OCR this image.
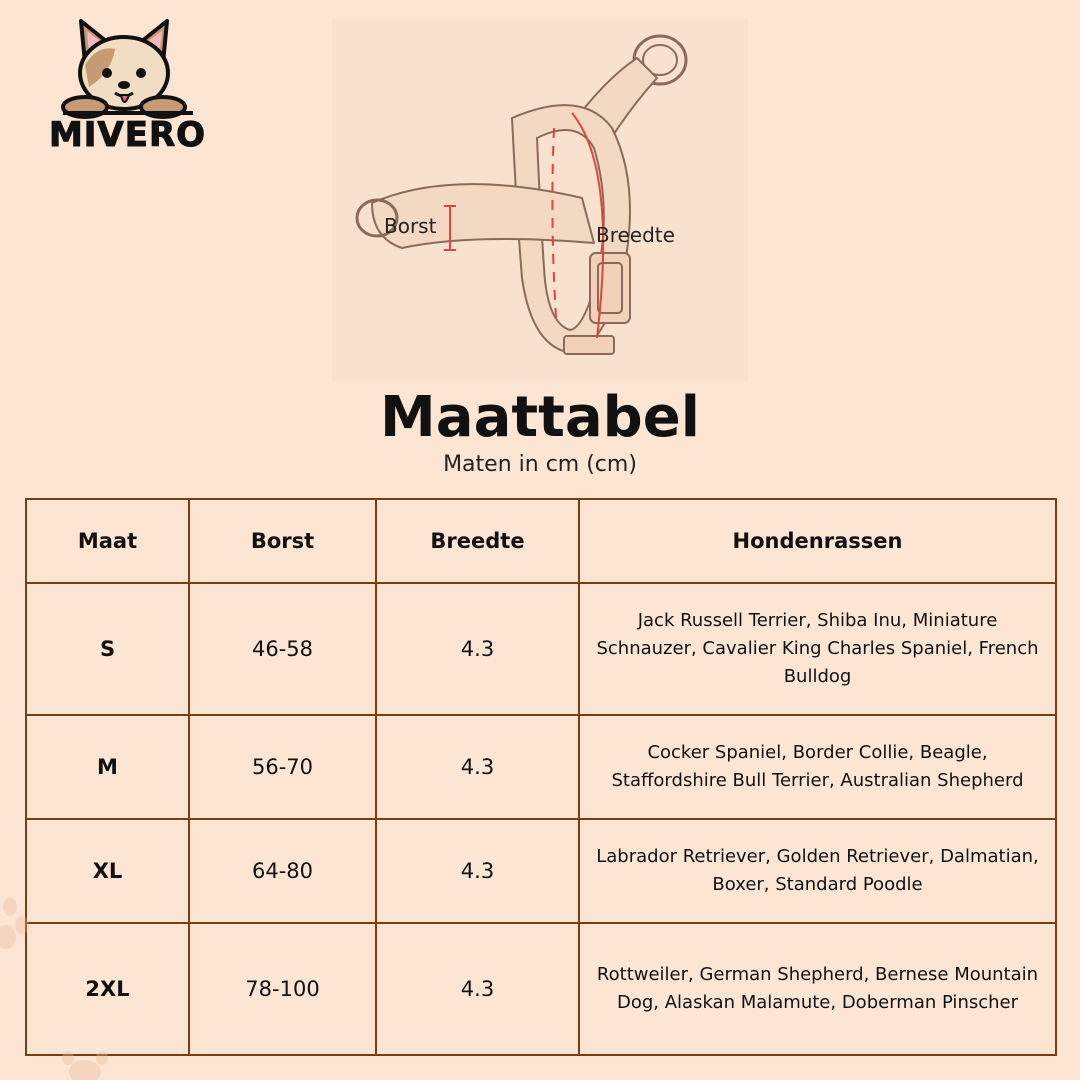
MIVERO
Borst	Breedte
Maattabel
Maten in cm (cm)
Maat	Borst	Breedte	Hondenrassen
S	46-58	4.3	Jack Russell Terrier, Shiba Inu, Miniature Schnauzer, Cavalier King Charles Spaniel, French Bulldog
M	56-70	4.3	Cocker Spaniel, Border Collie, Beagle, Staffordshire Bull Terrier, Australian Shepherd
XL	64-80	4.3	Labrador Retriever, Golden Retriever, Dalmatian, Boxer, Standard Poodle
2XL	78-100	4.3	Rottweiler, German Shepherd, Bernese Mountain Dog, Alaskan Malamute, Doberman Pinscher
